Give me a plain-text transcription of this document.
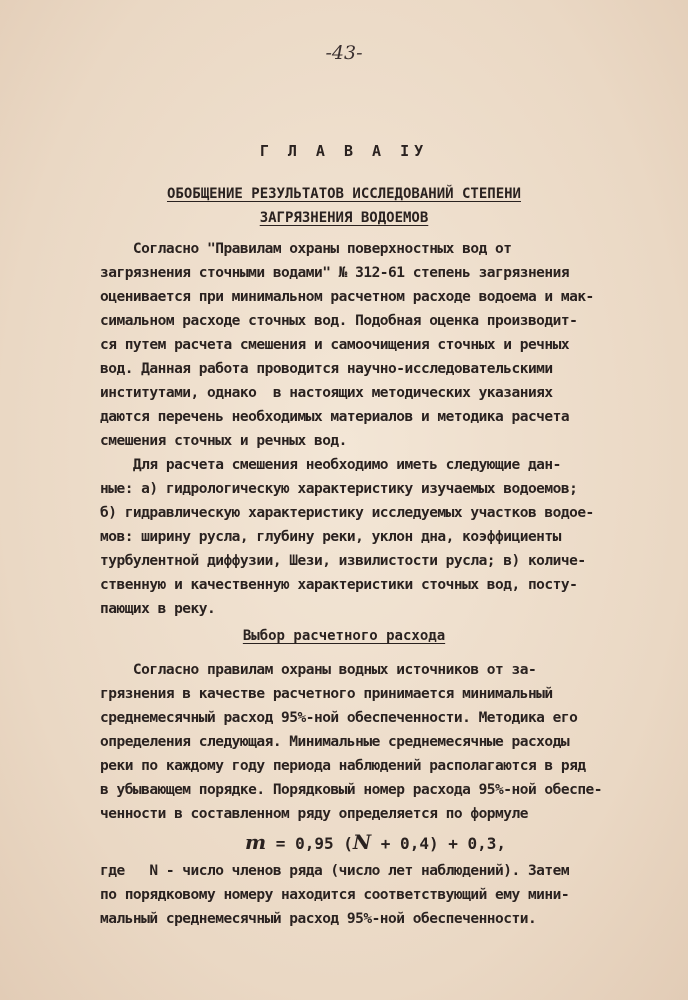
-43-
Г Л А В А IУ
ОБОБЩЕНИЕ РЕЗУЛЬТАТОВ ИССЛЕДОВАНИЙ СТЕПЕНИ
ЗАГРЯЗНЕНИЯ ВОДОЕМОВ
Согласно "Правилам охраны поверхностных вод от
загрязнения сточными водами" № 312-61 степень загрязнения
оценивается при минимальном расчетном расходе водоема и мак-
симальном расходе сточных вод. Подобная оценка производит-
ся путем расчета смешения и самоочищения сточных и речных
вод. Данная работа проводится научно-исследовательскими
институтами, однако  в настоящих методических указаниях
даются перечень необходимых материалов и методика расчета
смешения сточных и речных вод.
Для расчета смешения необходимо иметь следующие дан-
ные: а) гидрологическую характеристику изучаемых водоемов;
б) гидравлическую характеристику исследуемых участков водое-
мов: ширину русла, глубину реки, уклон дна, коэффициенты
турбулентной диффузии, Шези, извилистости русла; в) количе-
ственную и качественную характеристики сточных вод, посту-
пающих в реку.
Выбор расчетного расхода
Согласно правилам охраны водных источников от за-
грязнения в качестве расчетного принимается минимальный
среднемесячный расход 95%-ной обеспеченности. Методика его
определения следующая. Минимальные среднемесячные расходы
реки по каждому году периода наблюдений располагаются в ряд
в убывающем порядке. Порядковый номер расхода 95%-ной обеспе-
ченности в составленном ряду определяется по формуле
m = 0,95 (N + 0,4) + 0,3,
где   N - число членов ряда (число лет наблюдений). Затем
по порядковому номеру находится соответствующий ему мини-
мальный среднемесячный расход 95%-ной обеспеченности.
